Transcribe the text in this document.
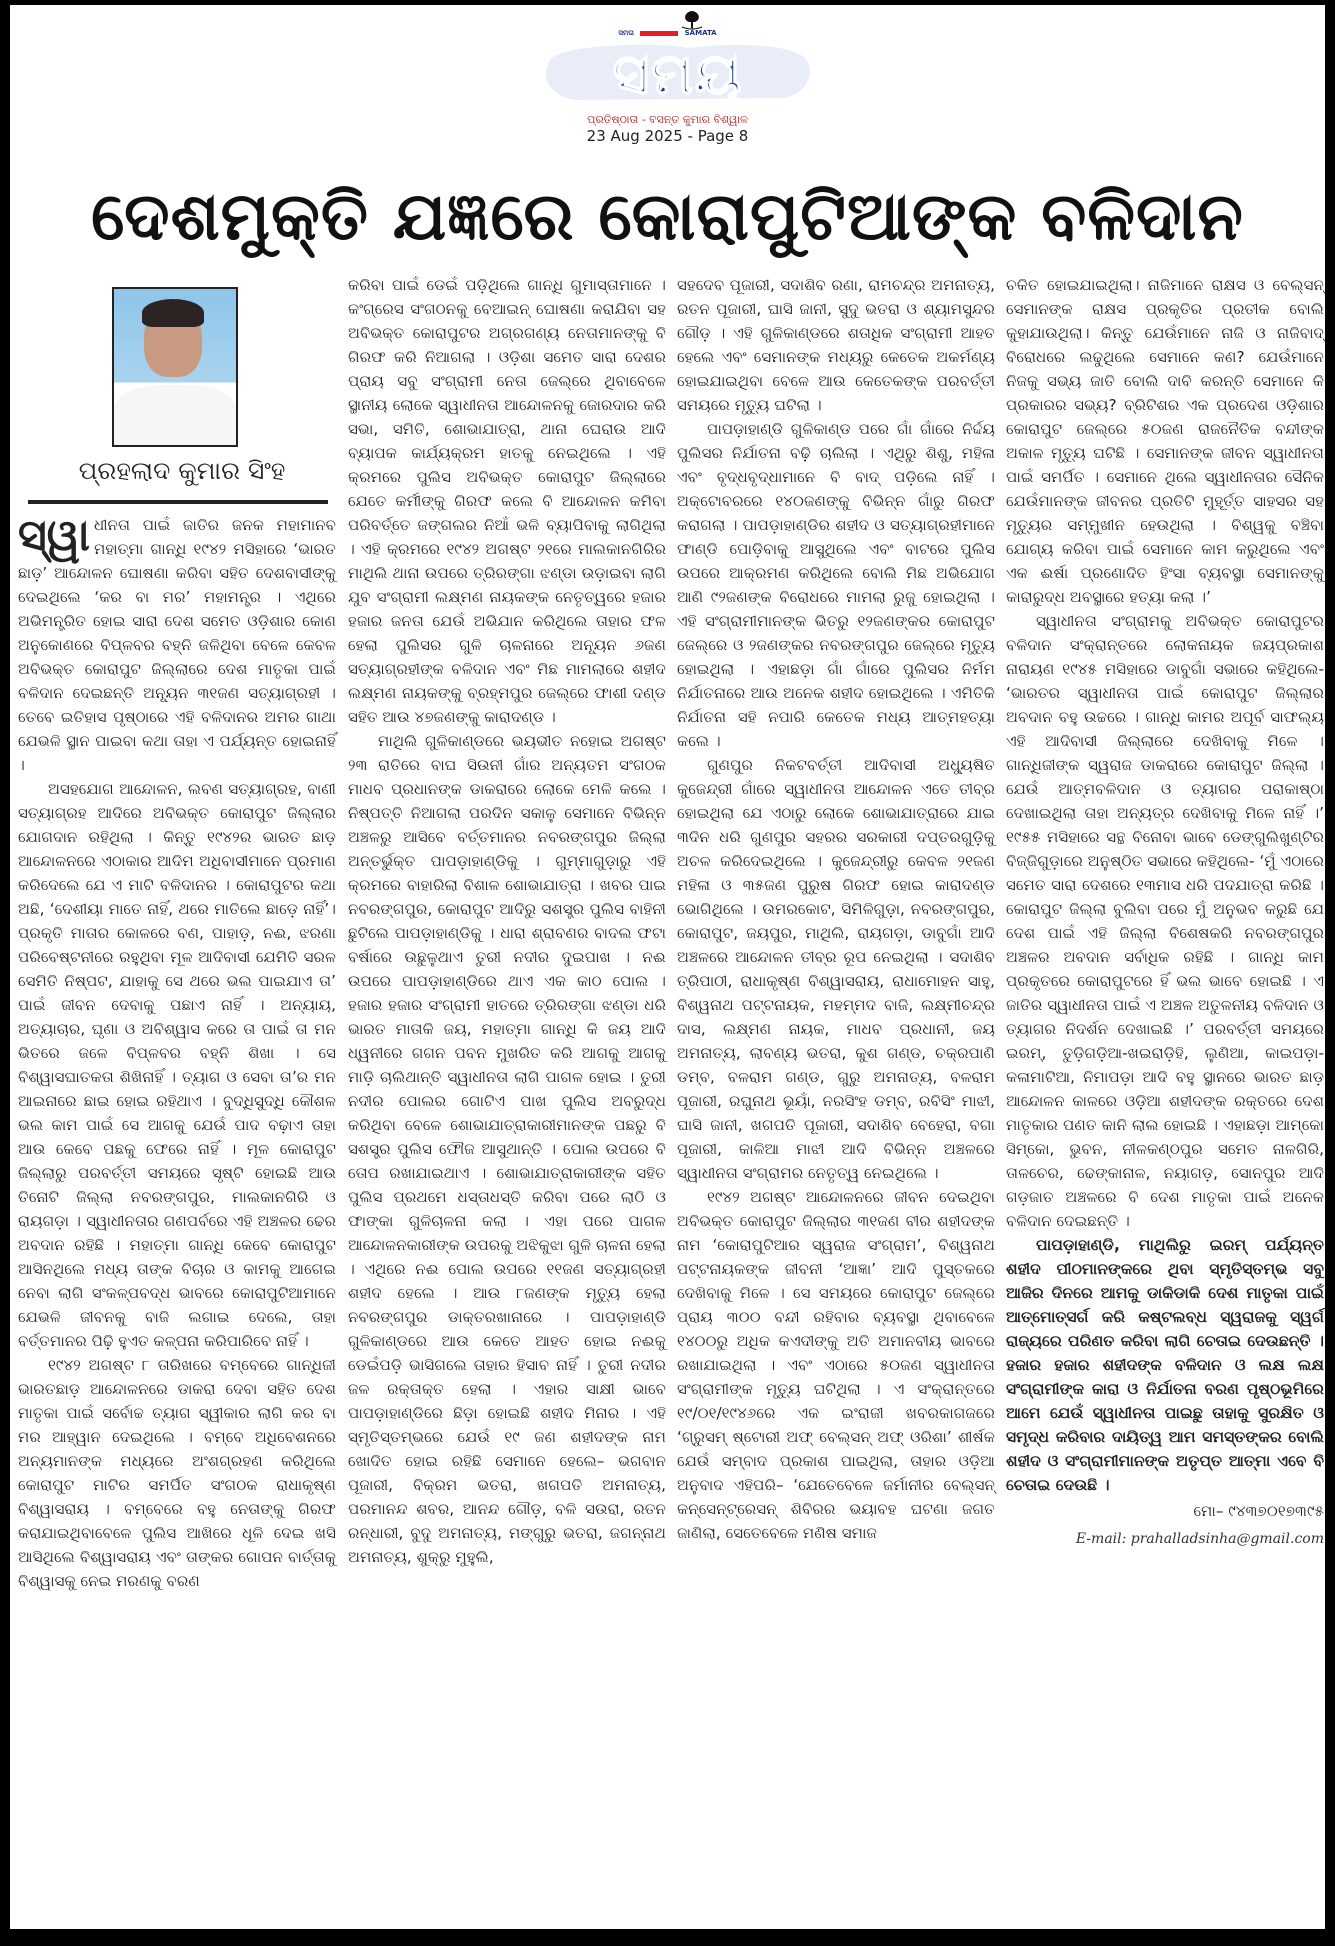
ସମତା	SAMATA
ସମୟ
ପ୍ରତିଷ୍ଠାତା - ବସନ୍ତ କୁମାର ବିଶ୍ୱାଳ
23 Aug 2025 - Page 8
ଦେଶମୁକ୍ତି ଯଜ୍ଞରେ କୋରାପୁଟିଆଙ୍କ ବଳିଦାନ
ପ୍ରହଲାଦ କୁମାର ସିଂହ

ସ୍ୱା ଧୀନତା ପାଇଁ ଜାତିର ଜନକ ମହାମାନବ ମହାତ୍ମା ଗାନ୍ଧି ୧୯୪୨ ମସିହାରେ ‘ଭାରତ ଛାଡ଼’ ଆନ୍ଦୋଳନ ଘୋଷଣା କରିବା ସହିତ ଦେଶବାସୀଙ୍କୁ ଦେଇଥିଲେ ‘କର ବା ମର’ ମହାମନ୍ତ୍ର । ଏଥିରେ ଅଭିମନ୍ତ୍ରିତ ହୋଇ ସାରା ଦେଶ ସମେତ ଓଡ଼ିଶାର କୋଣ ଅନୁକୋଣରେ ବିପ୍ଳବର ବହ୍ନି ଜଳିଥିବା ବେଳେ କେବଳ ଅବିଭକ୍ତ କୋରାପୁଟ ଜିଲ୍ଲାରେ ଦେଶ ମାତୃକା ପାଇଁ ବଳିଦାନ ଦେଇଛନ୍ତି ଅନ୍ୟୂନ ୩୧ଜଣ ସତ୍ୟାଗ୍ରହୀ । ତେବେ ଇତିହାସ ପୃଷ୍ଠାରେ ଏହି ବଳିଦାନର ଅମର ଗାଥା ଯେଭଳି ସ୍ଥାନ ପାଇବା କଥା ତାହା ଏ ପର୍ଯ୍ୟନ୍ତ ହୋଇନାହିଁ ।

ଅସହଯୋଗ ଆନ୍ଦୋଳନ, ଲବଣ ସତ୍ୟାଗ୍ରହ, ବାଣୀ ସତ୍ୟାଗ୍ରହ ଆଦିରେ ଅବିଭକ୍ତ କୋରାପୁଟ ଜିଲ୍ଲାର ଯୋଗଦାନ ରହିଥିଲା । କିନ୍ତୁ ୧୯୪୨ର ଭାରତ ଛାଡ଼ ଆନ୍ଦୋଳନରେ ଏଠାକାର ଆଦିମ ଅଧିବାସୀମାନେ ପ୍ରମାଣ କରିଦେଲେ ଯେ ଏ ମାଟି ବଳିଦାନର । କୋରାପୁଟର କଥା ଅଛି, ‘ଦେଶୀୟା ମାତେ ନାହିଁ, ଥରେ ମାତିଲେ ଛାଡ଼େ ନାହିଁ’। ପ୍ରକୃତି ମାତାର କୋଳରେ ବଣ, ପାହାଡ଼, ନଈ, ଝରଣା ପରିବେଷ୍ଟନୀରେ ରହୁଥିବା ମୂଳ ଆଦିବାସୀ ଯେମିତି ସରଳ ସେମିତି ନିଷ୍ପଟ, ଯାହାକୁ ସେ ଥରେ ଭଲ ପାଇଯାଏ ତା’ ପାଇଁ ଜୀବନ ଦେବାକୁ ପଛାଏ ନାହିଁ । ଅନ୍ୟାୟ, ଅତ୍ୟାଚାର, ଘୃଣା ଓ ଅବିଶ୍ୱାସ କରେ ତା ପାଇଁ ତା ମନ ଭିତରେ ଜଳେ ବିପ୍ଳବର ବହ୍ନି ଶିଖା । ସେ ବିଶ୍ୱାସଘାତକତା ଶିଖିନାହିଁ । ତ୍ୟାଗ ଓ ସେବା ତା’ର ମନ ଆଇନାରେ ଛାଇ ହୋଇ ରହିଥାଏ । ବୁଦ୍ଧିସୁଦ୍ଧି କୌଶଳ ଭଲ କାମ ପାଇଁ ସେ ଆଗକୁ ଯେଉଁ ପାଦ ବଢ଼ାଏ ତାହା ଆଉ କେବେ ପଛକୁ ଫେରେ ନାହିଁ । ମୂଳ କୋରାପୁଟ ଜିଲ୍ଲାରୁ ପରବର୍ତ୍ତୀ ସମୟରେ ସୃଷ୍ଟି ହୋଇଛି ଆଉ ତିନୋଟି ଜିଲ୍ଲା ନବରଙ୍ଗପୁର, ମାଲକାନଗିରି ଓ ରାୟଗଡ଼ା । ସ୍ୱାଧୀନତାର ଗଣପର୍ବରେ ଏହି ଅଞ୍ଚଳର ଢେର ଅବଦାନ ରହିଛି । ମହାତ୍ମା ଗାନ୍ଧି କେବେ କୋରାପୁଟ ଆସିନଥିଲେ ମଧ୍ୟ ତାଙ୍କ ବିଚାର ଓ କାମକୁ ଆଗେଇ ନେବା ଲାଗି ସଂକଳ୍ପବଦ୍ଧ ଭାବରେ କୋରାପୁଟିଆମାନେ ଯେଭଳି ଜୀବନକୁ ବାଜି ଲଗାଇ ଦେଲେ, ତାହା ବର୍ତ୍ତମାନର ପିଢ଼ି ହୁଏତ କଳ୍ପନା କରିପାରିବେ ନାହିଁ ।

୧୯୪୨ ଅଗଷ୍ଟ ୮ ତାରିଖରେ ବମ୍ବେରେ ଗାନ୍ଧିଜୀ ଭାରତଛାଡ଼ ଆନ୍ଦୋଳନରେ ଡାକରା ଦେବା ସହିତ ଦେଶ ମାତୃକା ପାଇଁ ସର୍ବୋଚ୍ଚ ତ୍ୟାଗ ସ୍ୱୀକାର ଲାଗି କର ବା ମର ଆହ୍ୱାନ ଦେଇଥିଲେ । ବମ୍ବେ ଅଧିବେଶନରେ ଅନ୍ୟମାନଙ୍କ ମଧ୍ୟରେ ଅଂଶଗ୍ରହଣ କରିଥିଲେ କୋରାପୁଟ ମାଟିର ସମର୍ପିତ ସଂଗଠକ ରାଧାକୃଷ୍ଣ ବିଶ୍ୱାସରାୟ । ବମ୍ବେରେ ବହୁ ନେତାଙ୍କୁ ଗିରଫ କରାଯାଇଥିବାବେଳେ ପୁଲିସ ଆଖିରେ ଧୂଳି ଦେଇ ଖସି ଆସିଥିଲେ ବିଶ୍ୱାସରାୟ ଏବଂ ତାଙ୍କର ଗୋପନ ବାର୍ତ୍ତାକୁ ବିଶ୍ୱାସକୁ ନେଇ ମରଣକୁ ବରଣ

କରିବା ପାଇଁ ଡେଇଁ ପଡ଼ିଥିଲେ ଗାନ୍ଧି ଗୁମାସ୍ତାମାନେ । କଂଗ୍ରେସ ସଂଗଠନକୁ ବେଆଇନ୍ ଘୋଷଣା କରାଯିବା ସହ ଅବିଭକ୍ତ କୋରାପୁଟର ଅଗ୍ରଗଣ୍ୟ ନେତାମାନଙ୍କୁ ବି ଗିରଫ କରି ନିଆଗଲା । ଓଡ଼ିଶା ସମେତ ସାରା ଦେଶର ପ୍ରାୟ ସବୁ ସଂଗ୍ରାମୀ ନେତା ଜେଲ୍‌ରେ ଥିବାବେଳେ ସ୍ଥାନୀୟ ଲୋକେ ସ୍ୱାଧୀନତା ଆନ୍ଦୋଳନକୁ ଜୋରଦାର କରି ସଭା, ସମିତି, ଶୋଭାଯାତ୍ରା, ଥାନା ଘେରାଉ ଆଦି ବ୍ୟାପକ କାର୍ଯ୍ୟକ୍ରମ ହାତକୁ ନେଇଥିଲେ । ଏହି କ୍ରମରେ ପୁଲିସ ଅବିଭକ୍ତ କୋରାପୁଟ ଜିଲ୍ଲାରେ ଯେତେ କର୍ମୀଙ୍କୁ ଗିରଫ କଲେ ବି ଆନ୍ଦୋଳନ କମିବା ପରିବର୍ତ୍ତେ ଜଙ୍ଗଲର ନିଆଁ ଭଳି ବ୍ୟାପିବାକୁ ଲାଗିଥିଲା । ଏହି କ୍ରମରେ ୧୯୪୨ ଅଗଷ୍ଟ ୨୧ରେ ମାଲକାନଗିରିର ମାଥିଲି ଥାନା ଉପରେ ତ୍ରିରଙ୍ଗା ଝଣ୍ଡା ଉଡ଼ାଇବା ଲାଗି ଯୁବ ସଂଗ୍ରାମୀ ଲକ୍ଷ୍ମଣ ନାୟକଙ୍କ ନେତୃତ୍ୱରେ ହଜାର ହଜାର ଜନତା ଯେଉଁ ଅଭିଯାନ କରିଥିଲେ ତାହାର ଫଳ ହେଲା ପୁଲିସର ଗୁଳି ଚାଳନାରେ ଅନ୍ୟୂନ ୬ଜଣ ସତ୍ୟାଗ୍ରହୀଙ୍କ ବଳିଦାନ ଏବଂ ମିଛ ମାମଲାରେ ଶହୀଦ ଲକ୍ଷ୍ମଣ ନାୟକଙ୍କୁ ବ୍ରହ୍ମପୁର ଜେଲ୍‌ରେ ଫାଶୀ ଦଣ୍ଡ ସହିତ ଆଉ ୪୭ଜଣଙ୍କୁ କାରାଦଣ୍ଡ ।

ମାଥିଲି ଗୁଳିକାଣ୍ଡରେ ଭୟଭୀତ ନହୋଇ ଅଗଷ୍ଟ ୨୩ ରାତିରେ ବାଘ ସିଉନୀ ଗାଁର ଅନ୍ୟତମ ସଂଗଠକ ମାଧବ ପ୍ରଧାନଙ୍କ ଡାକରାରେ ଲୋକେ ମେଳି କଲେ । ନିଷ୍ପତ୍ତି ନିଆଗଲା ପରଦିନ ସକାଳୁ ସେମାନେ ବିଭିନ୍ନ ଅଞ୍ଚଳରୁ ଆସିବେ ବର୍ତ୍ତମାନର ନବରଙ୍ଗପୁର ଜିଲ୍ଲା ଅନ୍ତର୍ଭୁକ୍ତ ପାପଡ଼ାହାଣ୍ଡିକୁ । ଗୁମ୍ମାଗୁଡ଼ାରୁ ଏହି କ୍ରମରେ ବାହାରିଲା ବିଶାଳ ଶୋଭାଯାତ୍ରା । ଖବର ପାଇ ନବରଙ୍ଗପୁର, କୋରାପୁଟ ଆଦିରୁ ସଶସ୍ତ୍ର ପୁଲିସ ବାହିନୀ ଛୁଟିଲେ ପାପଡ଼ାହାଣ୍ଡିକୁ । ଧାରା ଶ୍ରାବଣର ବାଦଲ ଫଟା ବର୍ଷାରେ ଉଛୁଳୁଥାଏ ତୁରୀ ନଦୀର ଦୁଇପାଖ । ନଈ ଉପରେ ପାପଡ଼ାହାଣ୍ଡିରେ ଥାଏ ଏକ କାଠ ପୋଲ । ହଜାର ହଜାର ସଂଗ୍ରାମୀ ହାତରେ ତ୍ରିରଙ୍ଗା ଝଣ୍ଡା ଧରି ଭାରତ ମାତାକି ଜୟ, ମହାତ୍ମା ଗାନ୍ଧି କି ଜୟ ଆଦି ଧ୍ୱନୀରେ ଗଗନ ପବନ ମୁଖରିତ କରି ଆଗକୁ ଆଗକୁ ମାଡ଼ି ଚାଲିଥାନ୍ତି ସ୍ୱାଧୀନତା ଲାଗି ପାଗଳ ହୋଇ । ତୁରୀ ନଦୀର ପୋଲର ଗୋଟିଏ ପାଖ ପୁଲିସ ଅବରୁଦ୍ଧ କରିଥିବା ବେଳେ ଶୋଭାଯାତ୍ରାକାରୀମାନଙ୍କ ପଛରୁ ବି ସଶସ୍ତ୍ର ପୁଲିସ ଫୌଜ ଆସୁଥାନ୍ତି । ପୋଲ ଉପରେ ବି ତୋପ ରଖାଯାଇଥାଏ । ଶୋଭାଯାତ୍ରାକାରୀଙ୍କ ସହିତ ପୁଲିସ ପ୍ରଥମେ ଧସ୍ତାଧସ୍ତି କରିବା ପରେ ଲାଠି ଓ ଫାଙ୍କା ଗୁଳିଚାଳନା କଲା । ଏହା ପରେ ପାଗଳ ଆନ୍ଦୋଳନକାରୀଙ୍କ ଉପରକୁ ଅଝିକୁଝା ଗୁଳି ଚାଳନା ହେଲା । ଏଥିରେ ନଈ ପୋଲ ଉପରେ ୧୧ଜଣ ସତ୍ୟାଗ୍ରହୀ ଶହୀଦ ହେଲେ । ଆଉ ୮ଜଣଙ୍କ ମୃତ୍ୟୁ ହେଲା ନବରଙ୍ଗପୁର ଡାକ୍ତରଖାନାରେ । ପାପଡ଼ାହାଣ୍ଡି ଗୁଳିକାଣ୍ଡରେ ଆଉ କେତେ ଆହତ ହୋଇ ନଈକୁ ଡେଇଁପଡ଼ି ଭାସିଗଲେ ତାହାର ହିସାବ ନାହିଁ । ତୁରୀ ନଦୀର ଜଳ ରକ୍ତାକ୍ତ ହେଲା । ଏହାର ସାକ୍ଷୀ ଭାବେ ପାପଡ଼ାହାଣ୍ଡିରେ ଛିଡ଼ା ହୋଇଛି ଶହୀଦ ମିନାର । ଏହି ସ୍ମୃତିସ୍ତମ୍ଭରେ ଯେଉଁ ୧୯ ଜଣ ଶହୀଦଙ୍କ ନାମ ଖୋଦିତ ହୋଇ ରହିଛି ସେମାନେ ହେଲେ– ଭଗବାନ ପୂଜାରୀ, ବିକ୍ରମ ଭତରା, ଖଗପତି ଅମନାତ୍ୟ, ପରମାନନ୍ଦ ଶବର, ଆନନ୍ଦ ଗୌଡ଼, ବଳି ସଉରା, ରତନ ରନ୍ଧାରୀ, ବୁଦୁ ଅମନାତ୍ୟ, ମଙ୍ଗୁରୁ ଭତରା, ଜଗନ୍ନାଥ ଅମନାତ୍ୟ, ଶୁକ୍ରୁ ମୁହୁଲି,

ସହଦେବ ପୂଜାରୀ, ସଦାଶିବ ରଣା, ରାମଚନ୍ଦ୍ର ଅମନାତ୍ୟ, ରତନ ପୂଜାରୀ, ଘାସି ଜାନୀ, ସୁଦୁ ଭତରା ଓ ଶ୍ୟାମସୁନ୍ଦର ଗୌଡ଼ । ଏହି ଗୁଳିକାଣ୍ଡରେ ଶତାଧିକ ସଂଗ୍ରାମୀ ଆହତ ହେଲେ ଏବଂ ସେମାନଙ୍କ ମଧ୍ୟରୁ କେତେକ ଅକର୍ମଣ୍ୟ ହୋଇଯାଇଥିବା ବେଳେ ଆଉ କେତେକଙ୍କ ପରବର୍ତ୍ତୀ ସମୟରେ ମୃତ୍ୟୁ ଘଟିଲା ।

ପାପଡ଼ାହାଣ୍ଡି ଗୁଳିକାଣ୍ଡ ପରେ ଗାଁ ଗାଁରେ ନିର୍ଦ୍ଦୟ ପୁଲିସର ନିର୍ଯାତନା ବଢ଼ି ଚାଲିଲା । ଏଥିରୁ ଶିଶୁ, ମହିଳା ଏବଂ ବୃଦ୍ଧବୃଦ୍ଧାମାନେ ବି ବାଦ୍ ପଡ଼ିଲେ ନାହିଁ । ଅକ୍ଟୋବରରେ ୧୪୦ଜଣଙ୍କୁ ବିଭିନ୍ନ ଗାଁରୁ ଗିରଫ କରାଗଲା । ପାପଡ଼ାହାଣ୍ଡିର ଶହୀଦ ଓ ସତ୍ୟାଗ୍ରହୀମାନେ ଫାଣ୍ଡି ପୋଡ଼ିବାକୁ ଆସୁଥିଲେ ଏବଂ ବାଟରେ ପୁଲିସ ଉପରେ ଆକ୍ରମଣ କରିଥିଲେ ବୋଲି ମିଛ ଅଭିଯୋଗ ଆଣି ୯୨ଜଣଙ୍କ ବିରୋଧରେ ମାମଲା ରୁଜୁ ହୋଇଥିଲା । ଏହି ସଂଗ୍ରାମୀମାନଙ୍କ ଭିତରୁ ୧୨ଜଣଙ୍କର କୋରାପୁଟ ଜେଲ୍‌ରେ ଓ ୨ଜଣଙ୍କର ନବରଙ୍ଗପୁର ଜେଲ୍‌ରେ ମୃତ୍ୟୁ ହୋଇଥିଲା । ଏହାଛଡ଼ା ଗାଁ ଗାଁରେ ପୁଲିସର ନିର୍ମମ ନିର୍ଯାତନାରେ ଆଉ ଅନେକ ଶହୀଦ ହୋଇଥିଲେ । ଏମିତିକି ନିର୍ଯାତନା ସହି ନପାରି କେତେକ ମଧ୍ୟ ଆତ୍ମହତ୍ୟା କଲେ ।

ଗୁଣପୁର ନିକଟବର୍ତ୍ତୀ ଆଦିବାସୀ ଅଧ୍ୟୁଷିତ କୁଜେନ୍ଦ୍ରୀ ଗାଁରେ ସ୍ୱାଧୀନତା ଆନ୍ଦୋଳନ ଏତେ ତୀବ୍ର ହୋଇଥିଲା ଯେ ଏଠାରୁ ଲୋକେ ଶୋଭାଯାତ୍ରାରେ ଯାଇ ୩ଦିନ ଧରି ଗୁଣପୁର ସହରର ସରକାରୀ ଦପ୍ତରଗୁଡ଼ିକୁ ଅଚଳ କରିଦେଇଥିଲେ । କୁଜେନ୍ଦ୍ରୀରୁ କେବଳ ୨୧ଜଣ ମହିଳା ଓ ୩୫ଜଣ ପୁରୁଷ ଗିରଫ ହୋଇ କାରାଦଣ୍ଡ ଭୋଗିଥିଲେ । ଉମରକୋଟ, ସିମିଳିଗୁଡ଼ା, ନବରଙ୍ଗପୁର, କୋରାପୁଟ, ଜୟପୁର, ମାଥିଲି, ରାୟଗଡ଼ା, ଡାବୁଗାଁ ଆଦି ଅଞ୍ଚଳରେ ଆନ୍ଦୋଳନ ତୀବ୍ର ରୂପ ନେଇଥିଲା । ସଦାଶିବ ତ୍ରିପାଠୀ, ରାଧାକୃଷ୍ଣ ବିଶ୍ୱାସରାୟ, ରାଧାମୋହନ ସାହୁ, ବିଶ୍ୱନାଥ ପଟ୍ଟନାୟକ, ମହମ୍ମଦ ବାଜି, ଲକ୍ଷ୍ମୀଚନ୍ଦ୍ର ଦାସ, ଲକ୍ଷ୍ମଣ ନାୟକ, ମାଧବ ପ୍ରଧାନୀ, ଜୟ ଅମନାତ୍ୟ, ଲାବଣ୍ୟ ଭତରା, କୁଶ ଗଣ୍ଡ, ଚକ୍ରପାଣି ଡମ୍ବ, ବଳରାମ ଗଣ୍ଡ, ଗୁରୁ ଅମନାତ୍ୟ, ବଳରାମ ପୂଜାରୀ, ରଘୁନାଥ ଭୂୟାଁ, ନରସିଂହ ଡମ୍ବ, ରବିସିଂ ମାଝୀ, ଘାସି ଜାନୀ, ଖଗପତି ପୂଜାରୀ, ସଦାଶିବ ବେହେରା, ବଗା ପୂଜାରୀ, କାଳିଆ ମାଝୀ ଆଦି ବିଭିନ୍ନ ଅଞ୍ଚଳରେ ସ୍ୱାଧୀନତା ସଂଗ୍ରାମର ନେତୃତ୍ୱ ନେଇଥିଲେ ।

୧୯୪୨ ଅଗଷ୍ଟ ଆନ୍ଦୋଳନରେ ଜୀବନ ଦେଇଥିବା ଅବିଭକ୍ତ କୋରାପୁଟ ଜିଲ୍ଲାର ୩୧ଜଣ ବୀର ଶହୀଦଙ୍କ ନାମ ‘କୋରାପୁଟିଆର ସ୍ୱରାଜ ସଂଗ୍ରାମ’, ବିଶ୍ୱନାଥ ପଟ୍ଟନାୟକଙ୍କ ଜୀବନୀ ‘ଆଜ୍ଞା’ ଆଦି ପୁସ୍ତକରେ ଦେଖିବାକୁ ମିଳେ । ସେ ସମୟରେ କୋରାପୁଟ ଜେଲ୍‌ରେ ପ୍ରାୟ ୩୦୦ ବନ୍ଦୀ ରହିବାର ବ୍ୟବସ୍ଥା ଥିବାବେଳେ ୧୪୦୦ରୁ ଅଧିକ କଏଦୀଙ୍କୁ ଅତି ଅମାନବୀୟ ଭାବରେ ରଖାଯାଇଥିଲା । ଏବଂ ଏଠାରେ ୫୦ଜଣ ସ୍ୱାଧୀନତା ସଂଗ୍ରାମୀଙ୍କ ମୃତ୍ୟୁ ଘଟିଥିଲା । ଏ ସଂକ୍ରାନ୍ତରେ ୧୯/୦୧/୧୯୪୬ରେ ଏକ ଇଂରାଜୀ ଖବରକାଗଜରେ ‘ଗ୍ରୁସମ୍ ଷ୍ଟୋରୀ ଅଫ୍ ବେଲ୍‌ସନ୍ ଅଫ୍ ଓରିଶା’ ଶୀର୍ଷକ ଯେଉଁ ସମ୍ବାଦ ପ୍ରକାଶ ପାଇଥିଲା, ତାହାର ଓଡ଼ିଆ ଅନୁବାଦ ଏହିପରି– ‘ଯେତେବେଳେ ଜର୍ମାନୀର ବେଲ୍‌ସନ୍ କନ୍‌ସେନ୍‌ଟ୍ରେସନ୍ ଶିବିରର ଭୟାବହ ଘଟଣା ଜଗତ ଜାଣିଲା, ସେତେବେଳେ ମଣିଷ ସମାଜ

ଚକିତ ହୋଇଯାଇଥିଲା। ନାଜିମାନେ ରାକ୍ଷସ ଓ ବେଲ୍‌ସନ୍ ସେମାନଙ୍କ ରାକ୍ଷସ ପ୍ରକୃତିର ପ୍ରତୀକ ବୋଲି କୁହାଯାଉଥିଲା। କିନ୍ତୁ ଯେଉଁମାନେ ନାଜି ଓ ନାଜିବାଦ୍ ବିରୋଧରେ ଲଢୁଥିଲେ ସେମାନେ କଣ? ଯେଉଁମାନେ ନିଜକୁ ସଭ୍ୟ ଜାତି ବୋଲି ଦାବି କରନ୍ତି ସେମାନେ କି ପ୍ରକାରର ସଭ୍ୟ? ବ୍ରିଟିଶର ଏକ ପ୍ରଦେଶ ଓଡ଼ିଶାର କୋରାପୁଟ ଜେଲ୍‌ରେ ୫୦ଜଣ ରାଜନୈତିକ ବନ୍ଦୀଙ୍କ ଅକାଳ ମୃତ୍ୟୁ ଘଟିଛି । ସେମାନଙ୍କ ଜୀବନ ସ୍ୱାଧୀନତା ପାଇଁ ସମର୍ପିତ । ସେମାନେ ଥିଲେ ସ୍ୱାଧୀନତାର ସୈନିକ ଯେଉଁମାନଙ୍କ ଜୀବନର ପ୍ରତିଟି ମୁହୂର୍ତ୍ତ ସାହସର ସହ ମୃତ୍ୟୁର ସମ୍ମୁଖୀନ ହେଉଥିଲା । ବିଶ୍ୱକୁ ବଞ୍ଚିବା ଯୋଗ୍ୟ କରିବା ପାଇଁ ସେମାନେ କାମ କରୁଥିଲେ ଏବଂ ଏକ ଈର୍ଷା ପ୍ରଣୋଦିତ ହିଂସା ବ୍ୟବସ୍ଥା ସେମାନଙ୍କୁ କାରାରୁଦ୍ଧ ଅବସ୍ଥାରେ ହତ୍ୟା କଲା ।’

ସ୍ୱାଧୀନତା ସଂଗ୍ରାମକୁ ଅବିଭକ୍ତ କୋରାପୁଟର ବଳିଦାନ ସଂକ୍ରାନ୍ତରେ ଲୋକନାୟକ ଜୟପ୍ରକାଶ ନାରାୟଣ ୧୯୪୫ ମସିହାରେ ଡାବୁଗାଁ ସଭାରେ କହିଥିଲେ- ‘ଭାରତର ସ୍ୱାଧୀନତା ପାଇଁ କୋରାପୁଟ ଜିଲ୍ଲାର ଅବଦାନ ବହୁ ଉଚ୍ଚରେ । ଗାନ୍ଧି କାମର ଅପୂର୍ବ ସାଫଲ୍ୟ ଏହି ଆଦିବାସୀ ଜିଲ୍ଲାରେ ଦେଖିବାକୁ ମିଳେ । ଗାନ୍ଧିଜୀଙ୍କ ସ୍ୱରାଜ ଡାକରାରେ କୋରାପୁଟ ଜିଲ୍ଲା । ଯେଉଁ ଆତ୍ମବଳିଦାନ ଓ ତ୍ୟାଗର ପରାକାଷ୍ଠା ଦେଖାଇଥିଲା ତାହା ଅନ୍ୟତ୍ର ଦେଖିବାକୁ ମିଳେ ନାହିଁ ।’ ୧୯୫୫ ମସିହାରେ ସନ୍ଥ ବିନୋବା ଭାବେ ଡେଙ୍ଗୁଲିଖୁଣ୍ଟିର ବିଜ୍ଜିଗୁଡ଼ାରେ ଅନୁଷ୍ଠିତ ସଭାରେ କହିଥିଲେ- ‘ମୁଁ ଏଠାରେ ସମେତ ସାରା ଦେଶରେ ୧୩ମାସ ଧରି ପଦଯାତ୍ରା କରିଛି । କୋରାପୁଟ ଜିଲ୍ଲା ବୁଲିବା ପରେ ମୁଁ ଅନୁଭବ କରୁଛି ଯେ ଦେଶ ପାଇଁ ଏହି ଜିଲ୍ଲା ବିଶେଷକରି ନବରଙ୍ଗପୁର ଅଞ୍ଚଳର ଅବଦାନ ସର୍ବାଧିକ ରହିଛି । ଗାନ୍ଧି କାମ ପ୍ରକୃତରେ କୋରାପୁଟରେ ହିଁ ଭଲ ଭାବେ ହୋଇଛି । ଏ ଜାତିର ସ୍ୱାଧୀନତା ପାଇଁ ଏ ଅଞ୍ଚଳ ଅତୁଳନୀୟ ବଳିଦାନ ଓ ତ୍ୟାଗର ନିଦର୍ଶନ ଦେଖାଇଛି ।’ ପରବର୍ତ୍ତୀ ସମୟରେ ଇରମ୍, ତୁଡ଼ିଗଡ଼ିଆ-ଖଇରାଡ଼ିହି, ଲୁଣିଆ, କାଇପଡ଼ା-କଳାମାଟିଆ, ନିମାପଡ଼ା ଆଦି ବହୁ ସ୍ଥାନରେ ଭାରତ ଛାଡ଼ ଆନ୍ଦୋଳନ କାଳରେ ଓଡ଼ିଆ ଶହୀଦଙ୍କ ରକ୍ତରେ ଦେଶ ମାତୃକାର ପଣତ କାନି ଲାଲ ହୋଇଛି । ଏହାଛଡ଼ା ଆମ୍‌କୋ ସିମ୍‌କୋ, ଭୁବନ, ନୀଳକଣ୍ଠପୁର ସମେତ ନାଳଗିରି, ତାଳଚେର, ଢେଙ୍କାନାଳ, ନୟାଗଡ଼, ସୋନପୁର ଆଦି ଗଡ଼ଜାତ ଅଞ୍ଚଳରେ ବି ଦେଶ ମାତୃକା ପାଇଁ ଅନେକ ବଳିଦାନ ଦେଇଛନ୍ତି ।

ପାପଡ଼ାହାଣ୍ଡି, ମାଥିଲିରୁ ଇରମ୍ ପର୍ଯ୍ୟନ୍ତ ଶହୀଦ ପୀଠମାନଙ୍କରେ ଥିବା ସ୍ମୃତିସ୍ତମ୍ଭ ସବୁ ଆଜିର ଦିନରେ ଆମକୁ ଡାକିଡାକି ଦେଶ ମାତୃକା ପାଇଁ ଆତ୍ମୋତ୍ସର୍ଗ କରି କଷ୍ଟଲବ୍ଧ ସ୍ୱରାଜକୁ ସ୍ୱର୍ଗ ରାଜ୍ୟରେ ପରିଣତ କରିବା ଲାଗି ଚେତାଇ ଦେଉଛନ୍ତି । ହଜାର ହଜାର ଶହୀଦଙ୍କ ବଳିଦାନ ଓ ଲକ୍ଷ ଲକ୍ଷ ସଂଗ୍ରାମୀଙ୍କ କାରା ଓ ନିର୍ଯାତନା ବରଣ ପୃଷ୍ଠଭୂମିରେ ଆମେ ଯେଉଁ ସ୍ୱାଧୀନତା ପାଇଛୁ ତାହାକୁ ସୁରକ୍ଷିତ ଓ ସମୃଦ୍ଧ କରିବାର ଦାୟିତ୍ୱ ଆମ ସମସ୍ତଙ୍କର ବୋଲି ଶହୀଦ ଓ ସଂଗ୍ରାମୀମାନଙ୍କ ଅତୃପ୍ତ ଆତ୍ମା ଏବେ ବି ଚେତାଇ ଦେଉଛି ।

ମୋ– ୯୪୩୭୦୧୭୩୯୫
E-mail: prahalladsinha@gmail.com
